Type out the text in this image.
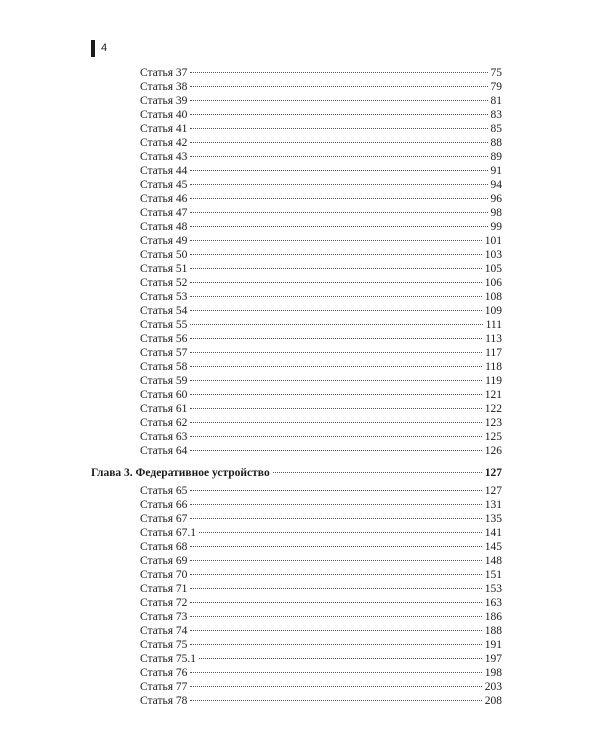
4
Статья 37	75
Статья 38	79
Статья 39	81
Статья 40	83
Статья 41	85
Статья 42	88
Статья 43	89
Статья 44	91
Статья 45	94
Статья 46	96
Статья 47	98
Статья 48	99
Статья 49	101
Статья 50	103
Статья 51	105
Статья 52	106
Статья 53	108
Статья 54	109
Статья 55	111
Статья 56	113
Статья 57	117
Статья 58	118
Статья 59	119
Статья 60	121
Статья 61	122
Статья 62	123
Статья 63	125
Статья 64	126
Глава 3. Федеративное устройство	127
Статья 65	127
Статья 66	131
Статья 67	135
Статья 67.1	141
Статья 68	145
Статья 69	148
Статья 70	151
Статья 71	153
Статья 72	163
Статья 73	186
Статья 74	188
Статья 75	191
Статья 75.1	197
Статья 76	198
Статья 77	203
Статья 78	208
